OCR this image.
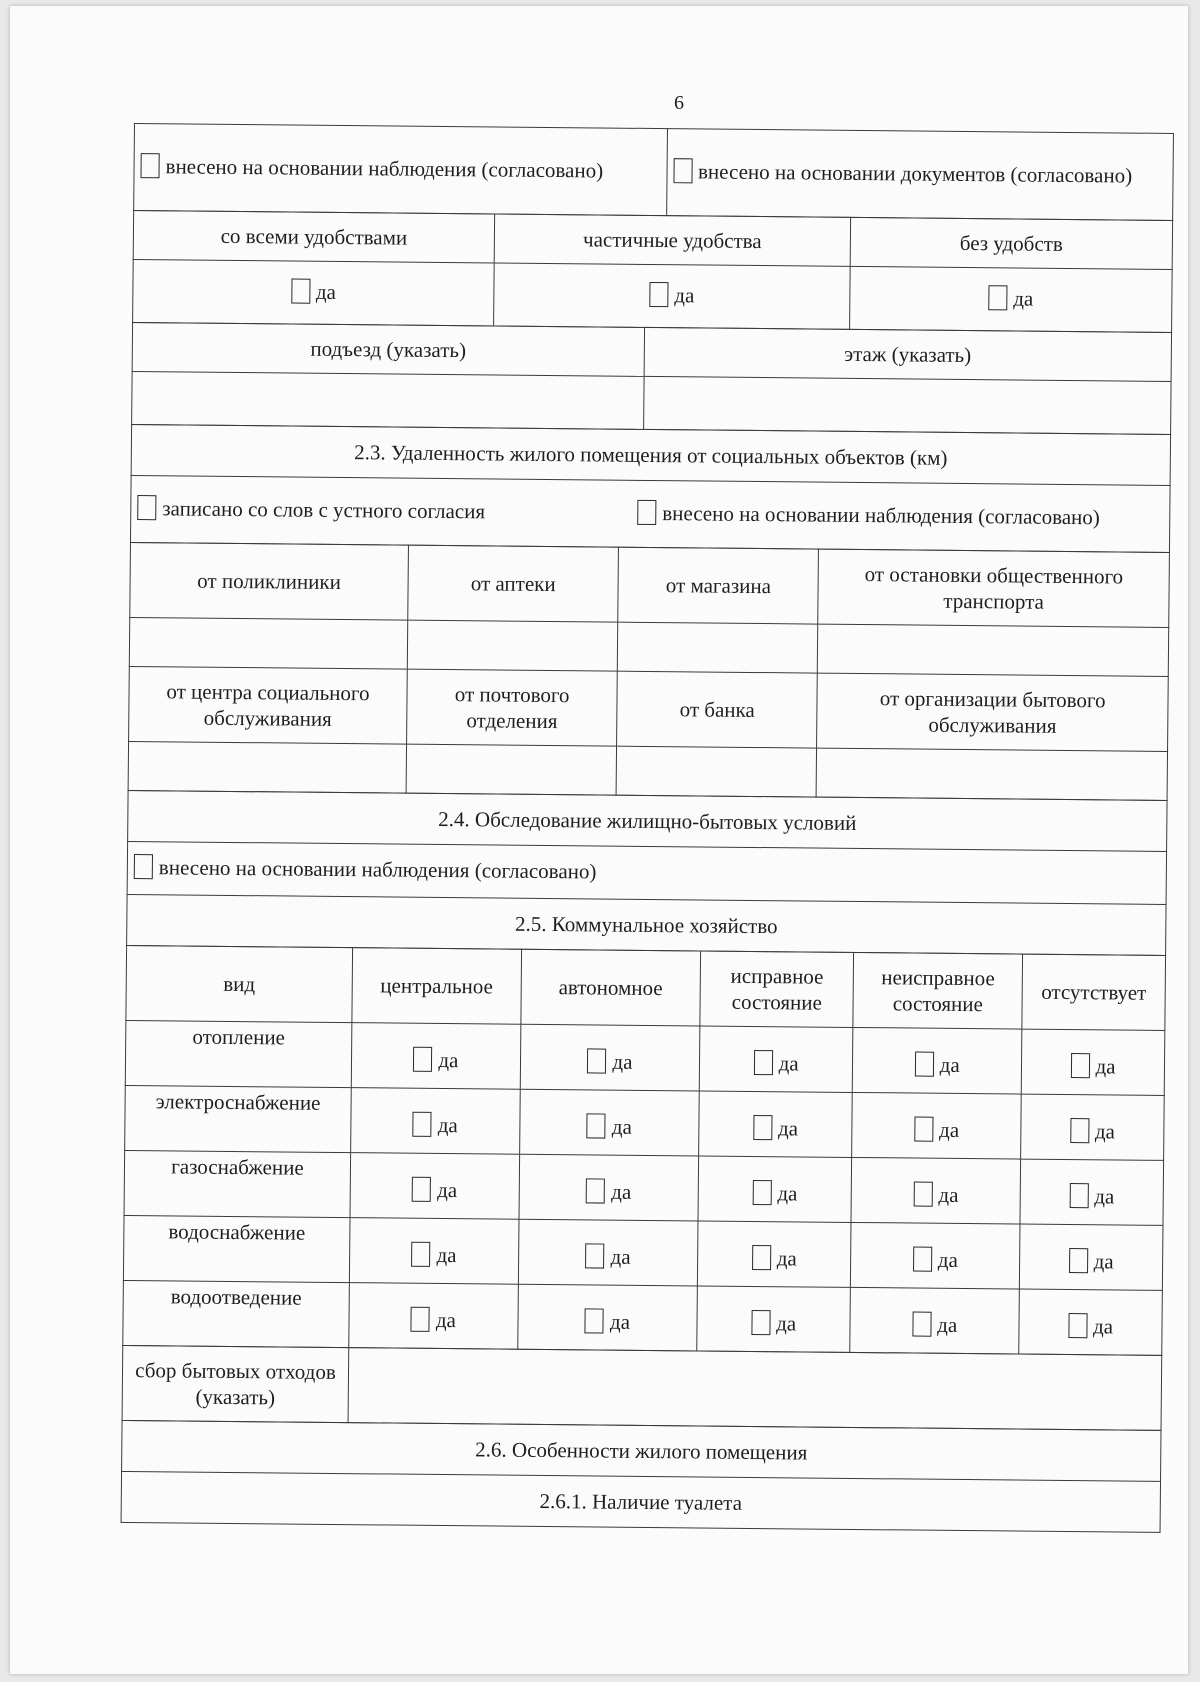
6
внесено на основании наблюдения (согласовано)	внесено на основании документов (согласовано)
со всеми удобствами	частичные удобства	без удобств
да	да	да
подъезд (указать)	этаж (указать)

2.3. Удаленность жилого помещения от социальных объектов (км)
записано со слов с устного согласия	внесено на основании наблюдения (согласовано)
от поликлиники	от аптеки	от магазина	от остановки общественного транспорта

от центра социального обслуживания	от почтового отделения	от банка	от организации бытового обслуживания

2.4. Обследование жилищно-бытовых условий
внесено на основании наблюдения (согласовано)
2.5. Коммунальное хозяйство
вид	центральное	автономное	исправное состояние	неисправное состояние	отсутствует
отопление	да	да	да	да	да
электроснабжение	да	да	да	да	да
газоснабжение	да	да	да	да	да
водоснабжение	да	да	да	да	да
водоотведение	да	да	да	да	да
сбор бытовых отходов (указать)	
2.6. Особенности жилого помещения
2.6.1. Наличие туалета
